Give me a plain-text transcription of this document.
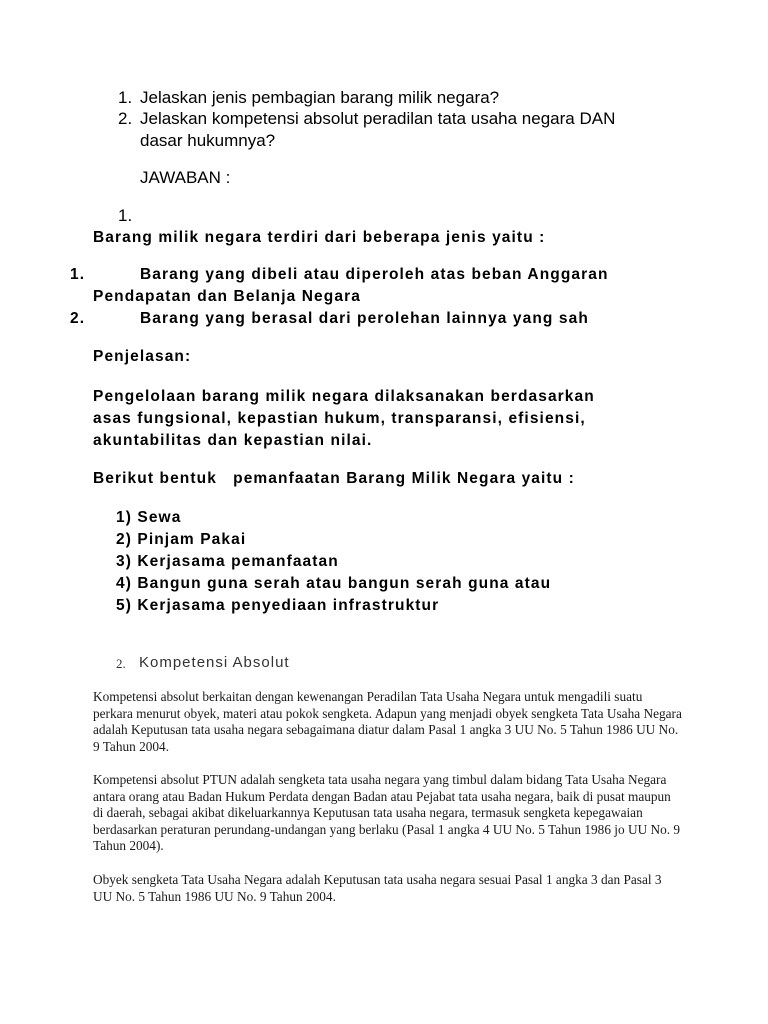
1. Jelaskan jenis pembagian barang milik negara?
2. Jelaskan kompetensi absolut peradilan tata usaha negara DAN
dasar hukumnya?
JAWABAN :
1.
Barang milik negara terdiri dari beberapa jenis yaitu :
1.	Barang yang dibeli atau diperoleh atas beban Anggaran
Pendapatan dan Belanja Negara
2.	Barang yang berasal dari perolehan lainnya yang sah
Penjelasan:
Pengelolaan barang milik negara dilaksanakan berdasarkan
asas fungsional, kepastian hukum, transparansi, efisiensi,
akuntabilitas dan kepastian nilai.
Berikut bentuk   pemanfaatan Barang Milik Negara yaitu :
1) Sewa
2) Pinjam Pakai
3) Kerjasama pemanfaatan
4) Bangun guna serah atau bangun serah guna atau
5) Kerjasama penyediaan infrastruktur
2. Kompetensi Absolut
Kompetensi absolut berkaitan dengan kewenangan Peradilan Tata Usaha Negara untuk mengadili suatu perkara menurut obyek, materi atau pokok sengketa. Adapun yang menjadi obyek sengketa Tata Usaha Negara adalah Keputusan tata usaha negara sebagaimana diatur dalam Pasal 1 angka 3 UU No. 5 Tahun 1986 UU No. 9 Tahun 2004.
Kompetensi absolut PTUN adalah sengketa tata usaha negara yang timbul dalam bidang Tata Usaha Negara antara orang atau Badan Hukum Perdata dengan Badan atau Pejabat tata usaha negara, baik di pusat maupun di daerah, sebagai akibat dikeluarkannya Keputusan tata usaha negara, termasuk sengketa kepegawaian berdasarkan peraturan perundang-undangan yang berlaku (Pasal 1 angka 4 UU No. 5 Tahun 1986 jo UU No. 9 Tahun 2004).
Obyek sengketa Tata Usaha Negara adalah Keputusan tata usaha negara sesuai Pasal 1 angka 3 dan Pasal 3 UU No. 5 Tahun 1986 UU No. 9 Tahun 2004.
